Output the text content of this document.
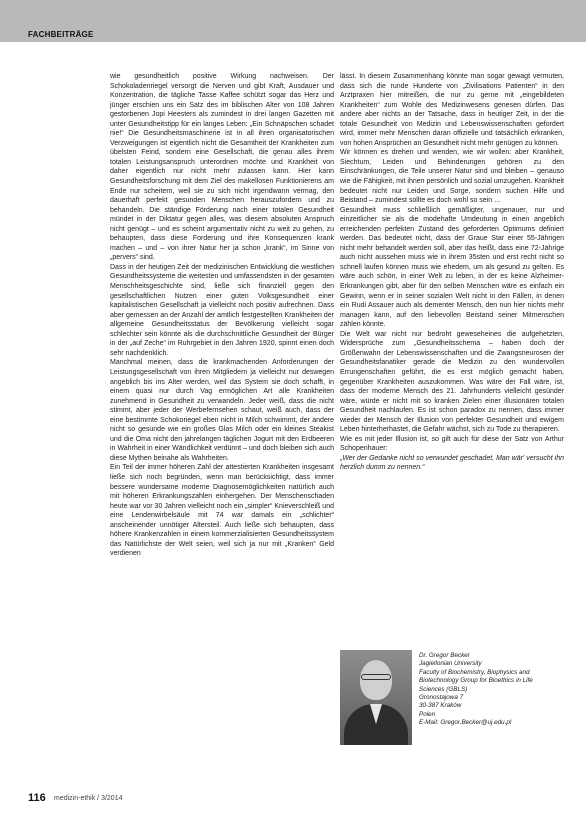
FACHBEITRÄGE

wie gesundheitlich positive Wirkung nachweisen. Der Schokoladenriegel versorgt die Nerven und gibt Kraft, Ausdauer und Konzentration, die tägliche Tasse Kaffee schützt sogar das Herz und jünger erschien uns ein Satz des im biblischen Alter von 108 Jahren gestorbenen Jopi Heesters als zumindest in drei langen Gazetten mit unter Gesundheitstipp für ein langes Leben: „Ein Schnäpschen schadet nie!“ Die Gesundheitsmaschinerie ist in all ihren organisatorischen Verzweigungen ist eigentlich nicht die Gesamtheit der Krankheiten zum übelsten Feind, sondern eine Gesellschaft, die genau alles ihrem totalen Leistungsanspruch unterordnen möchte und Krankheit von daher eigentlich nur nicht mehr zulassen kann. Hier kann Gesundheitsforschung mit dem Ziel des makellosen Funktionierens am Ende nur scheitern, weil sie zu sich nicht irgendwann vermag, den dauerhaft perfekt gesunden Menschen herauszufordern und zu behandeln. Die ständige Förderung nach einer totalen Gesundheit mündet in der Diktatur gegen alles, was diesem absoluten Anspruch nicht genügt – und es scheint argumentativ nicht zu weit zu gehen, zu behaupten, dass diese Forderung und ihre Konsequenzen krank machen – und – von ihrer Natur her ja schon „krank“, im Sinne von „pervers“ sind.

Dass in der heutigen Zeit der medizinischen Entwicklung die westlichen Gesundheitssysteme die weitesten und umfassendsten in der gesamten Menschheitsgeschichte sind, ließe sich finanziell gegen den gesellschaftlichen Nutzen einer guten Volksgesundheit einer kapitalistischen Gesellschaft ja vielleicht noch positiv aufrechnen. Dass aber gemessen an der Anzahl der amtlich festgestellten Krankheiten der allgemeine Gesundheitsstatus der Bevölkerung vielleicht sogar schlechter sein könnte als die durchschnittliche Gesundheit der Bürger in der „auf Zeche“ im Ruhrgebiet in den Jahren 1920, spinnt einen doch sehr nachdenklich.

Manchmal meinen, dass die krankmachenden Anforderungen der Leistungsgesellschaft von ihren Mitgliedern ja vielleicht nur deswegen angeblich bis ins Alter werden, weil das System sie doch schafft, in einem quasi nur durch Vag ermöglichen Art alle Krankheiten zunehmend in Gesundheit zu verwandeln. Jeder weiß, dass die nicht stimmt, aber jeder der Werbefernsehen schaut, weiß auch, dass der eine bestimmte Schokoriegel eben nicht in Milch schwimmt, der andere nicht so gesunde wie ein großes Glas Milch oder ein kleines Steakist und die Oma nicht den jahrelangen täglichen Jogurt mit den Erdbeeren in Wahrheit in einer Wändlichkeit verdünnt – und doch bleiben sich auch diese Mythen beinahe als Wahrheiten.

Ein Teil der immer höheren Zahl der attestierten Krankheiten insgesamt ließe sich noch begründen, wenn man berücksichtigt, dass immer bessere wundersame moderne Diagnosemöglichkeiten natürlich auch mit höheren Erkrankungszahlen einhergehen. Der Menschenschaden heute war vor 30 Jahren vielleicht noch ein „simpler“ Knieverschleiß und eine Lendenwirbelsäule mit 74 war damals ein „schlichter“ anscheinender unnötiger Altersteil. Auch ließe sich behaupten, dass höhere Krankenzahlen in einem kommerzialisierten Gesundheitssystem das Natürlichste der Welt seien, weil sich ja nur mit „Kranken“ Geld verdienen

lässt. In diesem Zusammenhang könnte man sogar gewagt vermuten, dass sich die runde Hunderte von „Zivilisations Patienten“ in den Arztpraxen hier mitreißen, die nur zu gerne mit „eingebildeten Krankheiten“ zum Wohle des Medizinwesens genesen dürfen. Das andere aber nichts an der Tatsache, dass in heutiger Zeit, in der die totale Gesundheit von Medizin und Lebenswissenschaften gefordert wird, immer mehr Menschen daran offizielle und tatsächlich erkranken, von hohen Ansprüchen an Gesundheit nicht mehr genügen zu können.

Wir können es drehen und wenden, wie wir wollen: aber Krankheit, Siechtum, Leiden und Behinderungen gehören zu den Einschränkungen, die Teile unserer Natur sind und bleiben – genauso wie die Fähigkeit, mit ihnen persönlich und sozial umzugehen. Krankheit bedeutet nicht nur Leiden und Sorge, sondern suchen Hilfe und Beistand – zumindest sollte es doch wohl so sein …

Gesundheit muss schließlich gemäßigter, ungenauer, nur und einzeitlicher sie als die modehafte Umdeutung in einen angeblich erreichenden perfekten Zustand des geforderten Optimums definiert werden. Das bedeutet nicht, dass der Graue Star einer 55-Jährigen nicht mehr behandelt werden soll, aber das heißt, dass eine 72-Jährige auch nicht aussehen muss wie in ihrem 35sten und erst recht nicht so schnell laufen können muss wie ehedem, um als gesund zu gelten. Es wäre auch schön, in einer Welt zu leben, in der es keine Alzheimer-Erkrankungen gibt, aber für den selben Menschen wäre es einfach ein Gewinn, wenn er in seiner sozialen Welt nicht in den Fällen, in denen ein Rudi Assauer auch als dementer Mensch, den nun hier nichts mehr managen kann, auf den liebevollen Beistand seiner Mitmenschen zählen könnte.

Die Welt war nicht nur bedroht geweseheines die aufgehetzten, Widersprüche zum „Gesundheitsschema – haben doch der Größenwahn der Lebenswissenschaften und die Zwangsneurosen der Gesundheitsfanatiker gerade die Medizin zu den wundervollen Errungenschaften geführt, die es erst möglich gemacht haben, gegenüber Krankheiten auszukommen. Was wäre der Fall wäre, ist, dass der moderne Mensch des 21. Jahrhunderts vielleicht gesünder wäre, würde er nicht mit so kranken Zielen einer illusionären totalen Gesundheit nachlaufen. Es ist schon paradox zu nennen, dass immer wieder der Mensch der Illusion von perfekter Gesundheit und ewigem Leben hinterherhastet, die Gefahr wächst, sich zu Tode zu therapieren.

Wie es mit jeder Illusion ist, so gilt auch für diese der Satz von Arthur Schopenhauer:

„Wer der Gedanke nicht so verwundet geschadet, Man wär' versucht ihn herzlich dumm zu nennen.“

Dr. Gregor Becker
Jagiellonian University
Faculty of Biochemistry, Biophysics and
Biotechnology Group for Bioethics in Life
Sciences (GBLS)
Gronostajowa 7
30-387 Kraków
Polen
E-Mail: Gregor.Becker@uj.edu.pl
116 medizin-ethik / 3/2014
